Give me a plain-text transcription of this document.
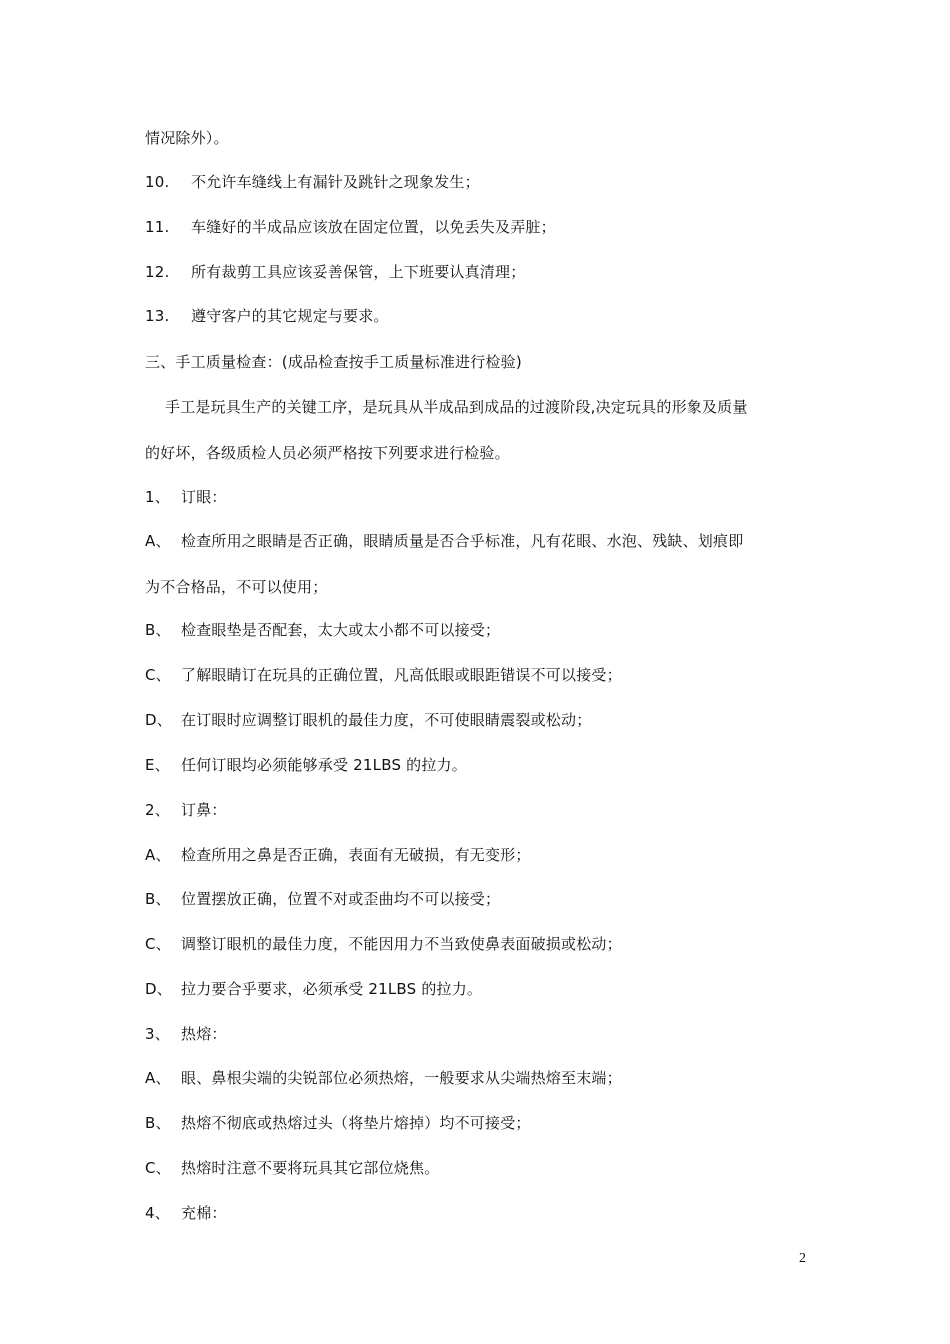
情况除外）。
10. 不允许车缝线上有漏针及跳针之现象发生；
11. 车缝好的半成品应该放在固定位置，以免丢失及弄脏；
12. 所有裁剪工具应该妥善保管，上下班要认真清理；
13. 遵守客户的其它规定与要求。
三、手工质量检查：(成品检查按手工质量标准进行检验)
手工是玩具生产的关键工序，是玩具从半成品到成品的过渡阶段,决定玩具的形象及质量
的好坏，各级质检人员必须严格按下列要求进行检验。
1、 订眼：
A、 检查所用之眼睛是否正确，眼睛质量是否合乎标准，凡有花眼、水泡、残缺、划痕即
为不合格品，不可以使用；
B、 检查眼垫是否配套，太大或太小都不可以接受；
C、 了解眼睛订在玩具的正确位置，凡高低眼或眼距错误不可以接受；
D、 在订眼时应调整订眼机的最佳力度，不可使眼睛震裂或松动；
E、 任何订眼均必须能够承受 21LBS 的拉力。
2、 订鼻：
A、 检查所用之鼻是否正确，表面有无破损，有无变形；
B、 位置摆放正确，位置不对或歪曲均不可以接受；
C、 调整订眼机的最佳力度，不能因用力不当致使鼻表面破损或松动；
D、 拉力要合乎要求，必须承受 21LBS 的拉力。
3、 热熔：
A、 眼、鼻根尖端的尖锐部位必须热熔，一般要求从尖端热熔至末端；
B、 热熔不彻底或热熔过头（将垫片熔掉）均不可接受；
C、 热熔时注意不要将玩具其它部位烧焦。
4、 充棉：
2
